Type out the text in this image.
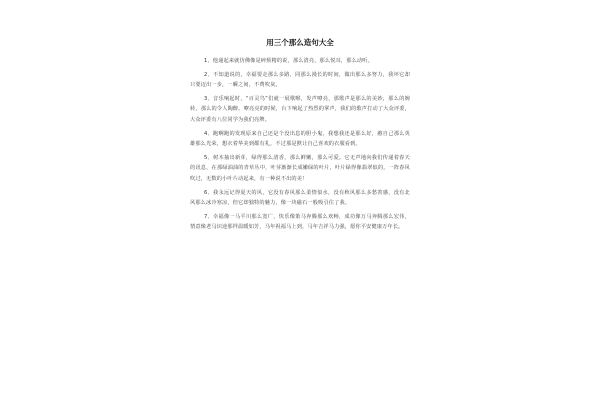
用三个那么造句大全

1、他递起来就仿佛像是碎烦精的说，那么清亮，那么悦耳，那么动听。

2、不知道说的，幸福要走那么多路，同那么漫长的时间，做出那么多努力，我坏它却只要迈出一步，一瞬之间，不费吹灰。

3、音乐响起时，“百灵鸟”们就一展歌喉，发声嘹亮，那歌声是那么的美妙，那么的婉转，那么的令人陶醉。嘹亮亮的时候，台下响起了热烈的掌声，我们的歌声打动了大众评委，大众评委有八位同学为我们亮牌。

4、跑啊跑的发现原来自己还是个没出息的胆小鬼，我想我还是那么好，憨自己那么英雄那么光荣，想衣着华美到都有礼，不过那是默让自己喜欢的衣服看到。

5、树木抽出新芽，绿得那么清香，那么鲜嫩，那么可爱。它无声地向我们传递着春天的讯息，在那绿油油的青草丛中，叶芽渐渐长成嫩绿的叶片，叶片绿得像翡翠似的，一阵春风吹过，无数的小叶片动起来，有一种说不出的美！

6、我永远记得夏天的风，它没有春风那么柔情似水，没有秋风那么多愁善感，没有北风那么冰冷寒凉，但它却独特的魅力，像一块磁石一般吸引住了我。

7、幸福像一马平川那么宽广，快乐像策马奔腾那么欢畅，成功像万马奔腾那么宏伟，情意像老马识途那样温暖如芳，马年祝福马上到，马年吉祥马力强，愿你平安健康万年长。
